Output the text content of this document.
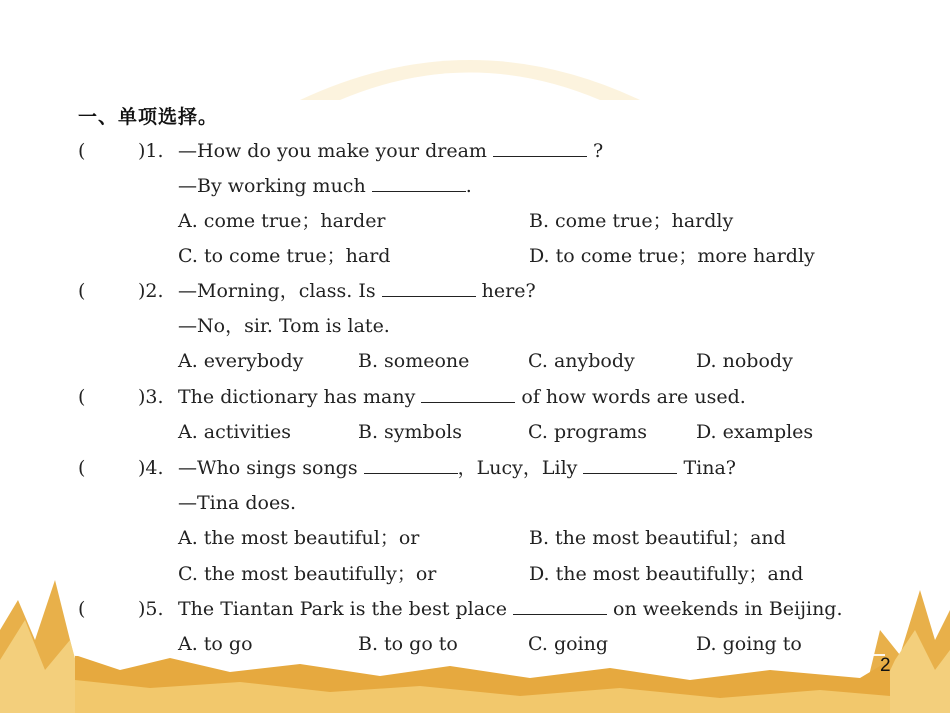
一、单项选择。
(	)1. —How do you make your dream	?
—By working much	.
A. come true；harder	B. come true；hardly
C. to come true；hard	D. to come true；more hardly
(	)2. —Morning，class. Is	here?
—No，sir. Tom is late.
A. everybody	B. someone	C. anybody	D. nobody
(	)3. The dictionary has many	of how words are used.
A. activities	B. symbols	C. programs	D. examples
(	)4. —Who sings songs	，Lucy，Lily	Tina?
—Tina does.
A. the most beautiful；or	B. the most beautiful；and
C. the most beautifully；or	D. the most beautifully；and
(	)5. The Tiantan Park is the best place	on weekends in Beijing.
A. to go	B. to go to	C. going	D. going to
2
